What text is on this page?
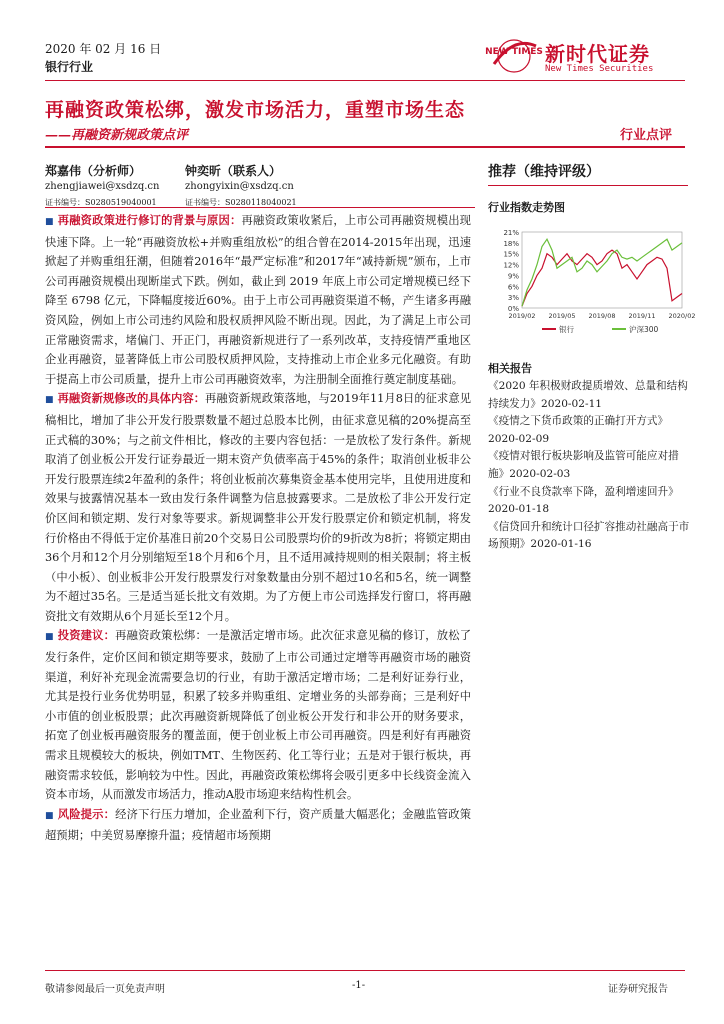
2020 年 02 月 16 日
银行行业
NEW TIMES 新时代证券
New Times Securities
再融资政策松绑，激发市场活力，重塑市场生态
——再融资新规政策点评	行业点评
郑嘉伟（分析师）
zhengjiawei@xsdzq.cn
证书编号：S0280519040001
钟奕昕（联系人）
zhongyixin@xsdzq.cn
证书编号：S0280118040021
推荐（维持评级）
行业指数走势图
21%
18%
15%
12%
9%
6%
3%
0%
2019/02 2019/05 2019/08 2019/11 2020/02
银行	沪深300
相关报告
《2020 年积极财政提质增效、总量和结构持续发力》2020-02-11
《疫情之下货币政策的正确打开方式》
2020-02-09
《疫情对银行板块影响及监管可能应对措施》2020-02-03
《行业不良贷款率下降，盈利增速回升》
2020-01-18
《信贷回升和统计口径扩容推动社融高于市场预期》2020-01-16

■ 再融资政策进行修订的背景与原因：再融资政策收紧后，上市公司再融资规模出现快速下降。上一轮“再融资放松+并购重组放松”的组合曾在2014-2015年出现，迅速掀起了并购重组狂潮，但随着2016年“最严定标准”和2017年“减持新规”颁布，上市公司再融资规模出现断崖式下跌。例如，截止到 2019 年底上市公司定增规模已经下降至 6798 亿元，下降幅度接近60%。由于上市公司再融资渠道不畅，产生诸多再融资风险，例如上市公司违约风险和股权质押风险不断出现。因此，为了满足上市公司正常融资需求，堵偏门、开正门，再融资新规进行了一系列改革，支持疫情严重地区企业再融资，显著降低上市公司股权质押风险，支持推动上市企业多元化融资。有助于提高上市公司质量，提升上市公司再融资效率，为注册制全面推行奠定制度基础。

■ 再融资新规修改的具体内容：再融资新规政策落地，与2019年11月8日的征求意见稿相比，增加了非公开发行股票数量不超过总股本比例，由征求意见稿的20%提高至正式稿的30%；与之前文件相比，修改的主要内容包括：一是放松了发行条件。新规取消了创业板公开发行证券最近一期末资产负债率高于45%的条件；取消创业板非公开发行股票连续2年盈利的条件；将创业板前次募集资金基本使用完毕，且使用进度和效果与披露情况基本一致由发行条件调整为信息披露要求。二是放松了非公开发行定价区间和锁定期、发行对象等要求。新规调整非公开发行股票定价和锁定机制，将发行价格由不得低于定价基准日前20个交易日公司股票均价的9折改为8折；将锁定期由36个月和12个月分别缩短至18个月和6个月，且不适用减持规则的相关限制；将主板（中小板）、创业板非公开发行股票发行对象数量由分别不超过10名和5名，统一调整为不超过35名。三是适当延长批文有效期。为了方便上市公司选择发行窗口，将再融资批文有效期从6个月延长至12个月。

■ 投资建议：再融资政策松绑：一是激活定增市场。此次征求意见稿的修订，放松了发行条件，定价区间和锁定期等要求，鼓励了上市公司通过定增等再融资市场的融资渠道，利好补充现金流需要急切的行业，有助于激活定增市场；二是利好证券行业，尤其是投行业务优势明显，积累了较多并购重组、定增业务的头部券商；三是利好中小市值的创业板股票；此次再融资新规降低了创业板公开发行和非公开的财务要求，拓宽了创业板再融资服务的覆盖面，便于创业板上市公司再融资。四是利好有再融资需求且规模较大的板块，例如TMT、生物医药、化工等行业；五是对于银行板块，再融资需求较低，影响较为中性。因此，再融资政策松绑将会吸引更多中长线资金流入资本市场，从而激发市场活力，推动A股市场迎来结构性机会。

■ 风险提示：经济下行压力增加，企业盈利下行，资产质量大幅恶化；金融监管政策超预期；中美贸易摩擦升温；疫情超市场预期

敬请参阅最后一页免责声明	-1-	证券研究报告
